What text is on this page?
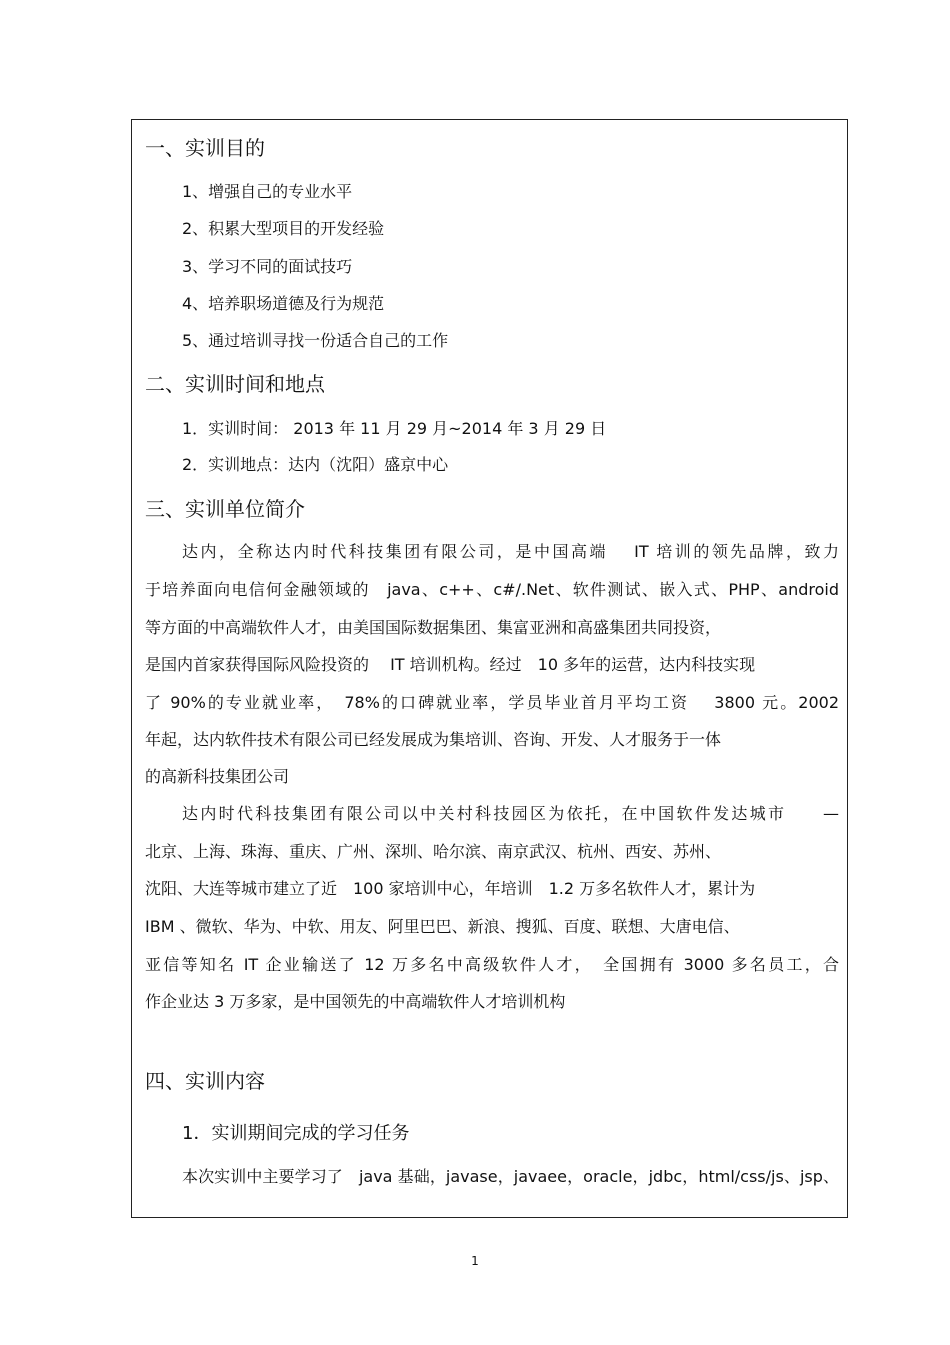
一、实训目的
1、增强自己的专业水平
2、积累大型项目的开发经验
3、学习不同的面试技巧
4、培养职场道德及行为规范
5、通过培训寻找一份适合自己的工作
二、实训时间和地点
1．实训时间： 2013 年 11 月 29 月~2014 年 3 月 29 日
2．实训地点：达内（沈阳）盛京中心
三、实训单位简介
达内，全称达内时代科技集团有限公司，是中国高端　 IT 培训的领先品牌，致力
于培养面向电信何金融领域的　java、c++、c#/.Net、软件测试、嵌入式、PHP、android
等方面的中高端软件人才，由美国国际数据集团、集富亚洲和高盛集团共同投资，
是国内首家获得国际风险投资的　 IT 培训机构。经过　10 多年的运营，达内科技实现
了 90%的专业就业率，　78%的口碑就业率，学员毕业首月平均工资　 3800 元。2002
年起，达内软件技术有限公司已经发展成为集培训、咨询、开发、人才服务于一体
的高新科技集团公司
达内时代科技集团有限公司以中关村科技园区为依托，在中国软件发达城市　　—
北京、上海、珠海、重庆、广州、深圳、哈尔滨、南京武汉、杭州、西安、苏州、
沈阳、大连等城市建立了近　100 家培训中心，年培训　1.2 万多名软件人才，累计为
IBM 、微软、华为、中软、用友、阿里巴巴、新浪、搜狐、百度、联想、大唐电信、
亚信等知名 IT 企业输送了 12 万多名中高级软件人才，　全国拥有 3000 多名员工，合
作企业达 3 万多家，是中国领先的中高端软件人才培训机构
四、实训内容
1．实训期间完成的学习任务
本次实训中主要学习了　java 基础，javase，javaee，oracle，jdbc，html/css/js、jsp、
1
